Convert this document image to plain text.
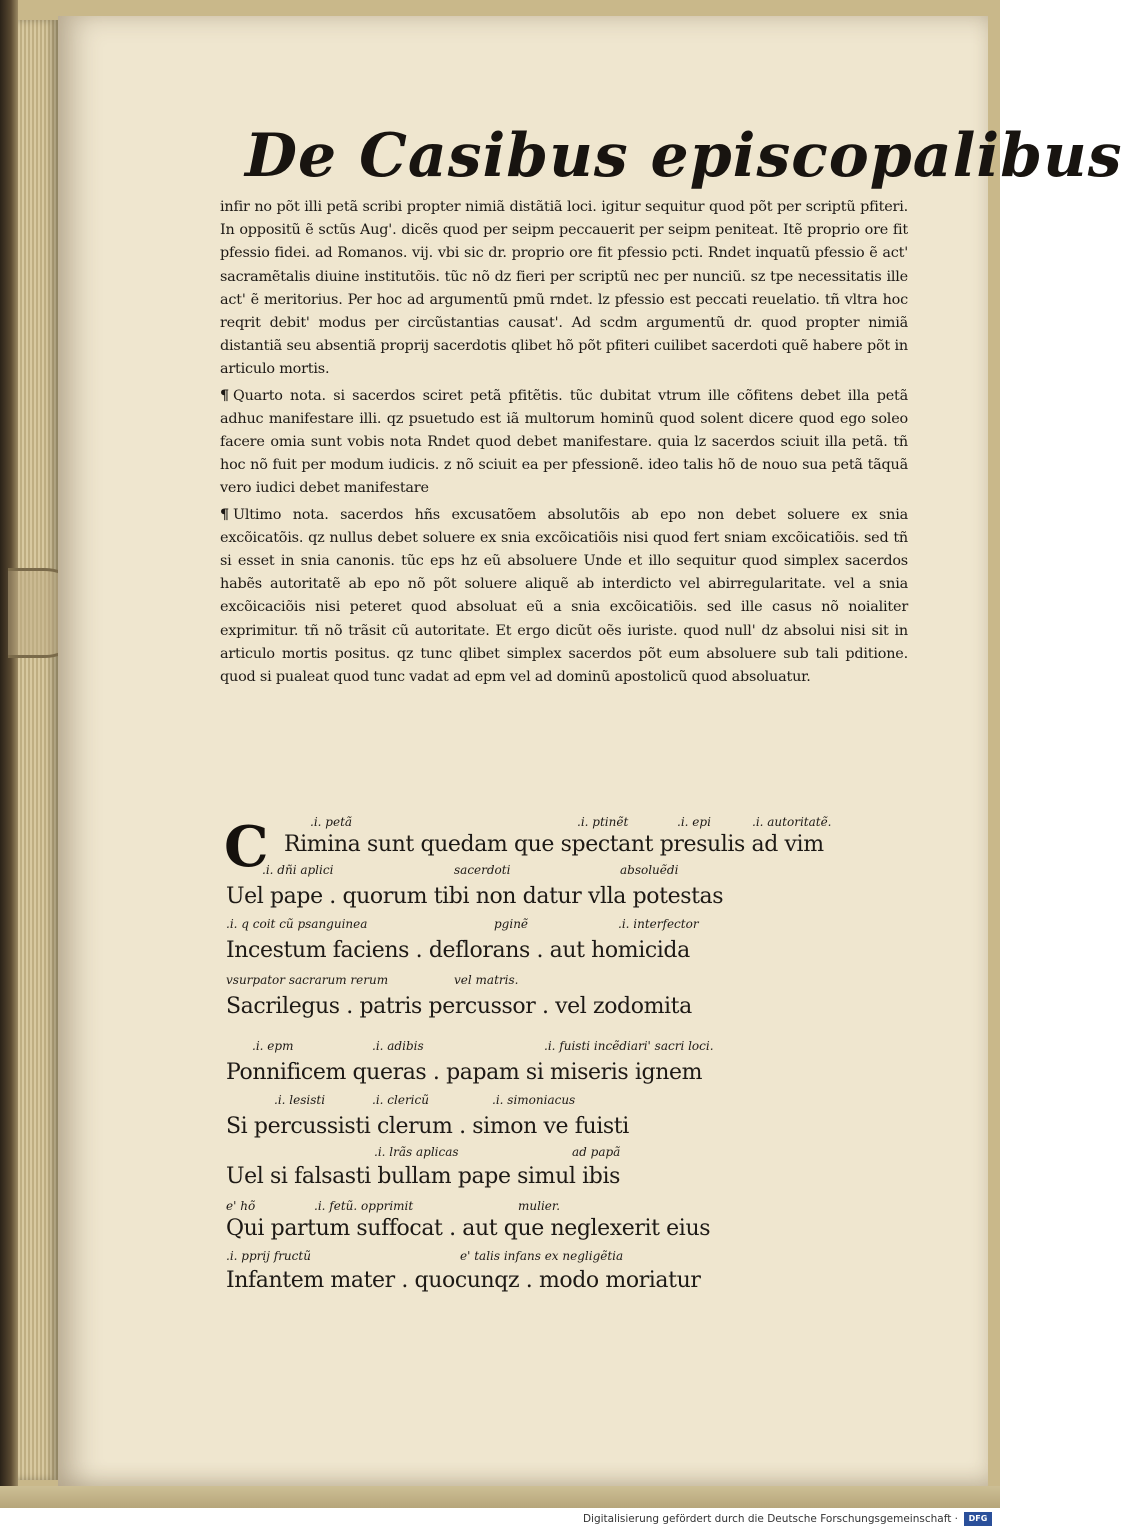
De Casibus episcopalibus

infir no põt illi petã scribi propter nimiã distãtiã loci. igitur sequitur quod põt per scriptũ pfiteri. In oppositũ ẽ sctũs Aug'. dicẽs quod per seipm peccauerit per seipm peniteat. Itẽ proprio ore fit pfessio fidei. ad Romanos. vij. vbi sic dr. proprio ore fit pfessio pcti. Rndet inquatũ pfessio ẽ act' sacramẽtalis diuine institutõis. tũc nõ dz fieri per scriptũ nec per nunciũ. sz tpe necessitatis ille act' ẽ meritorius. Per hoc ad argumentũ pmũ rndet. lz pfessio est peccati reuelatio. tñ vltra hoc reqrit debit' modus per circũstantias causat'. Ad scdm argumentũ dr. quod propter nimiã distantiã seu absentiã proprij sacerdotis qlibet hõ põt pfiteri cuilibet sacerdoti quẽ habere põt in articulo mortis.

¶ Quarto nota. si sacerdos sciret petã pfitẽtis. tũc dubitat vtrum ille cõfitens debet illa petã adhuc manifestare illi. qz psuetudo est iã multorum hominũ quod solent dicere quod ego soleo facere omia sunt vobis nota Rndet quod debet manifestare. quia lz sacerdos sciuit illa petã. tñ hoc nõ fuit per modum iudicis. z nõ sciuit ea per pfessionẽ. ideo talis hõ de nouo sua petã tãquã vero iudici debet manifestare

¶ Ultimo nota. sacerdos hñs excusatõem absolutõis ab epo non debet soluere ex snia excõicatõis. qz nullus debet soluere ex snia excõicatiõis nisi quod fert sniam excõicatiõis. sed tñ si esset in snia canonis. tũc eps hz eũ absoluere Unde et illo sequitur quod simplex sacerdos habẽs autoritatẽ ab epo nõ põt soluere aliquẽ ab interdicto vel abirregularitate. vel a snia excõicaciõis nisi peteret quod absoluat eũ a snia excõicatiõis. sed ille casus nõ noialiter exprimitur. tñ nõ trãsit cũ autoritate. Et ergo dicũt oẽs iuriste. quod null' dz absolui nisi sit in articulo mortis positus. qz tunc qlibet simplex sacerdos põt eum absoluere sub tali pditione. quod si pualeat quod tunc vadat ad epm vel ad dominũ apostolicũ quod absoluatur.

C	.i. petã	.i. ptinẽt	.i. epi	.i. autoritatẽ.
Rimina sunt quedam que spectant presulis ad vim
.i. dñi aplici	sacerdoti	absoluẽdi
Uel pape . quorum tibi non datur vlla potestas
.i. q coit cũ psanguinea	pginẽ	.i. interfector
Incestum faciens . deflorans . aut homicida
vsurpator sacrarum rerum	vel matris.
Sacrilegus . patris percussor . vel zodomita
.i. epm	.i. adibis	.i. fuisti incẽdiari' sacri loci.
Ponnificem queras . papam si miseris ignem
.i. lesisti	.i. clericũ	.i. simoniacus
Si percussisti clerum . simon ve fuisti
.i. lrãs aplicas	ad papã
Uel si falsasti bullam pape simul ibis
e' hõ	.i. fetũ. opprimit	mulier.
Qui partum suffocat . aut que neglexerit eius
.i. pprij fructũ	e' talis infans ex negligẽtia
Infantem mater . quocunqz . modo moriatur
Digitalisierung gefördert durch die Deutsche Forschungsgemeinschaft ·	DFG
